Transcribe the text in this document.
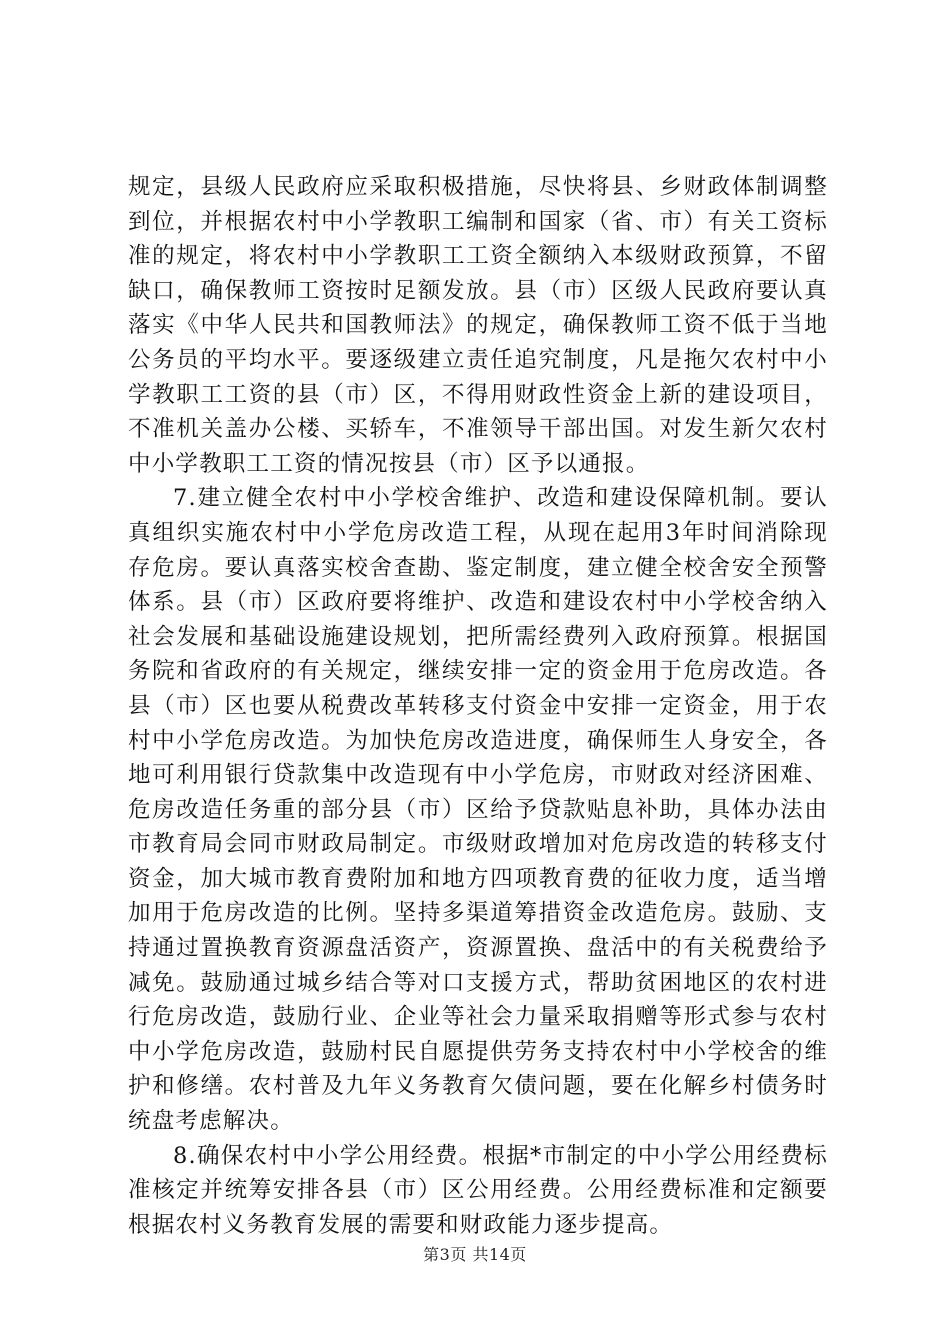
规定，县级人民政府应采取积极措施，尽快将县、乡财政体制调整到位，并根据农村中小学教职工编制和国家（省、市）有关工资标准的规定，将农村中小学教职工工资全额纳入本级财政预算，不留缺口，确保教师工资按时足额发放。县（市）区级人民政府要认真落实《中华人民共和国教师法》的规定，确保教师工资不低于当地公务员的平均水平。要逐级建立责任追究制度，凡是拖欠农村中小学教职工工资的县（市）区，不得用财政性资金上新的建设项目，不准机关盖办公楼、买轿车，不准领导干部出国。对发生新欠农村中小学教职工工资的情况按县（市）区予以通报。

7.建立健全农村中小学校舍维护、改造和建设保障机制。要认真组织实施农村中小学危房改造工程，从现在起用3年时间消除现存危房。要认真落实校舍查勘、鉴定制度，建立健全校舍安全预警体系。县（市）区政府要将维护、改造和建设农村中小学校舍纳入社会发展和基础设施建设规划，把所需经费列入政府预算。根据国务院和省政府的有关规定，继续安排一定的资金用于危房改造。各县（市）区也要从税费改革转移支付资金中安排一定资金，用于农村中小学危房改造。为加快危房改造进度，确保师生人身安全，各地可利用银行贷款集中改造现有中小学危房，市财政对经济困难、危房改造任务重的部分县（市）区给予贷款贴息补助，具体办法由市教育局会同市财政局制定。市级财政增加对危房改造的转移支付资金，加大城市教育费附加和地方四项教育费的征收力度，适当增加用于危房改造的比例。坚持多渠道筹措资金改造危房。鼓励、支持通过置换教育资源盘活资产，资源置换、盘活中的有关税费给予减免。鼓励通过城乡结合等对口支援方式，帮助贫困地区的农村进行危房改造，鼓励行业、企业等社会力量采取捐赠等形式参与农村中小学危房改造，鼓励村民自愿提供劳务支持农村中小学校舍的维护和修缮。农村普及九年义务教育欠债问题，要在化解乡村债务时统盘考虑解决。

8.确保农村中小学公用经费。根据*市制定的中小学公用经费标准核定并统筹安排各县（市）区公用经费。公用经费标准和定额要根据农村义务教育发展的需要和财政能力逐步提高。

第3页 共14页
